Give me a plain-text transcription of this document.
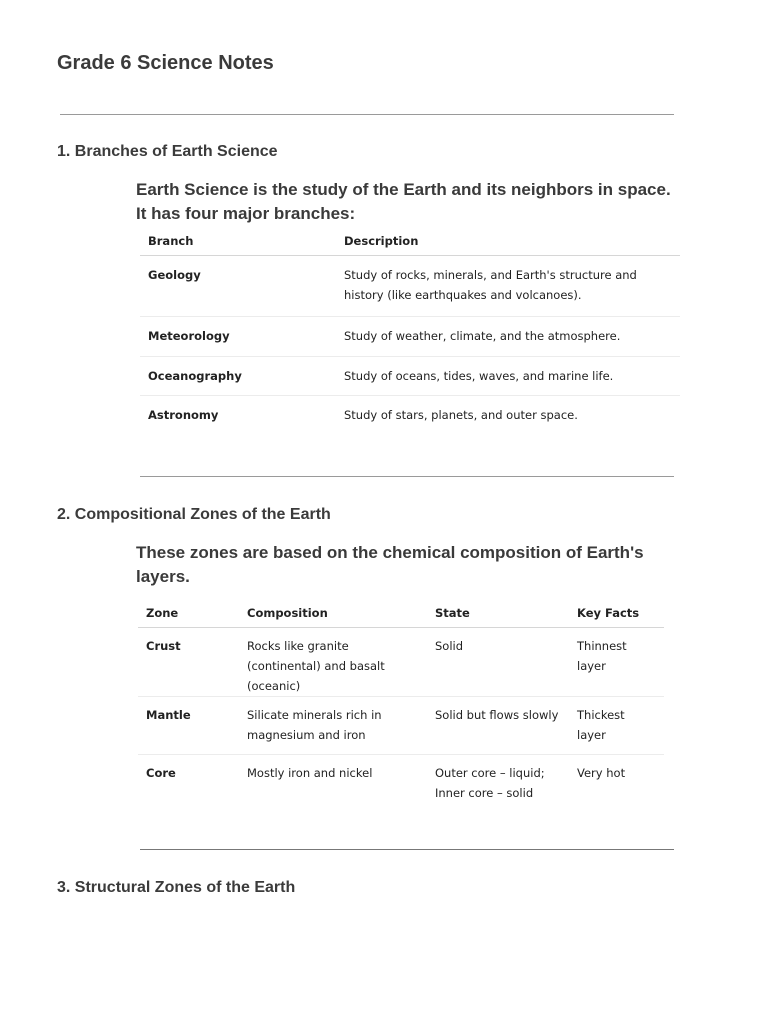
Grade 6 Science Notes
1. Branches of Earth Science

Earth Science is the study of the Earth and its neighbors in space. It has four major branches:

Branch	Description
Geology	Study of rocks, minerals, and Earth's structure and history (like earthquakes and volcanoes).
Meteorology	Study of weather, climate, and the atmosphere.
Oceanography	Study of oceans, tides, waves, and marine life.
Astronomy	Study of stars, planets, and outer space.
2. Compositional Zones of the Earth

These zones are based on the chemical composition of Earth's layers.

Zone	Composition	State	Key Facts
Crust	Rocks like granite (continental) and basalt (oceanic)	Solid	Thinnest layer
Mantle	Silicate minerals rich in magnesium and iron	Solid but flows slowly	Thickest layer
Core	Mostly iron and nickel	Outer core – liquid; Inner core – solid	Very hot
3. Structural Zones of the Earth
